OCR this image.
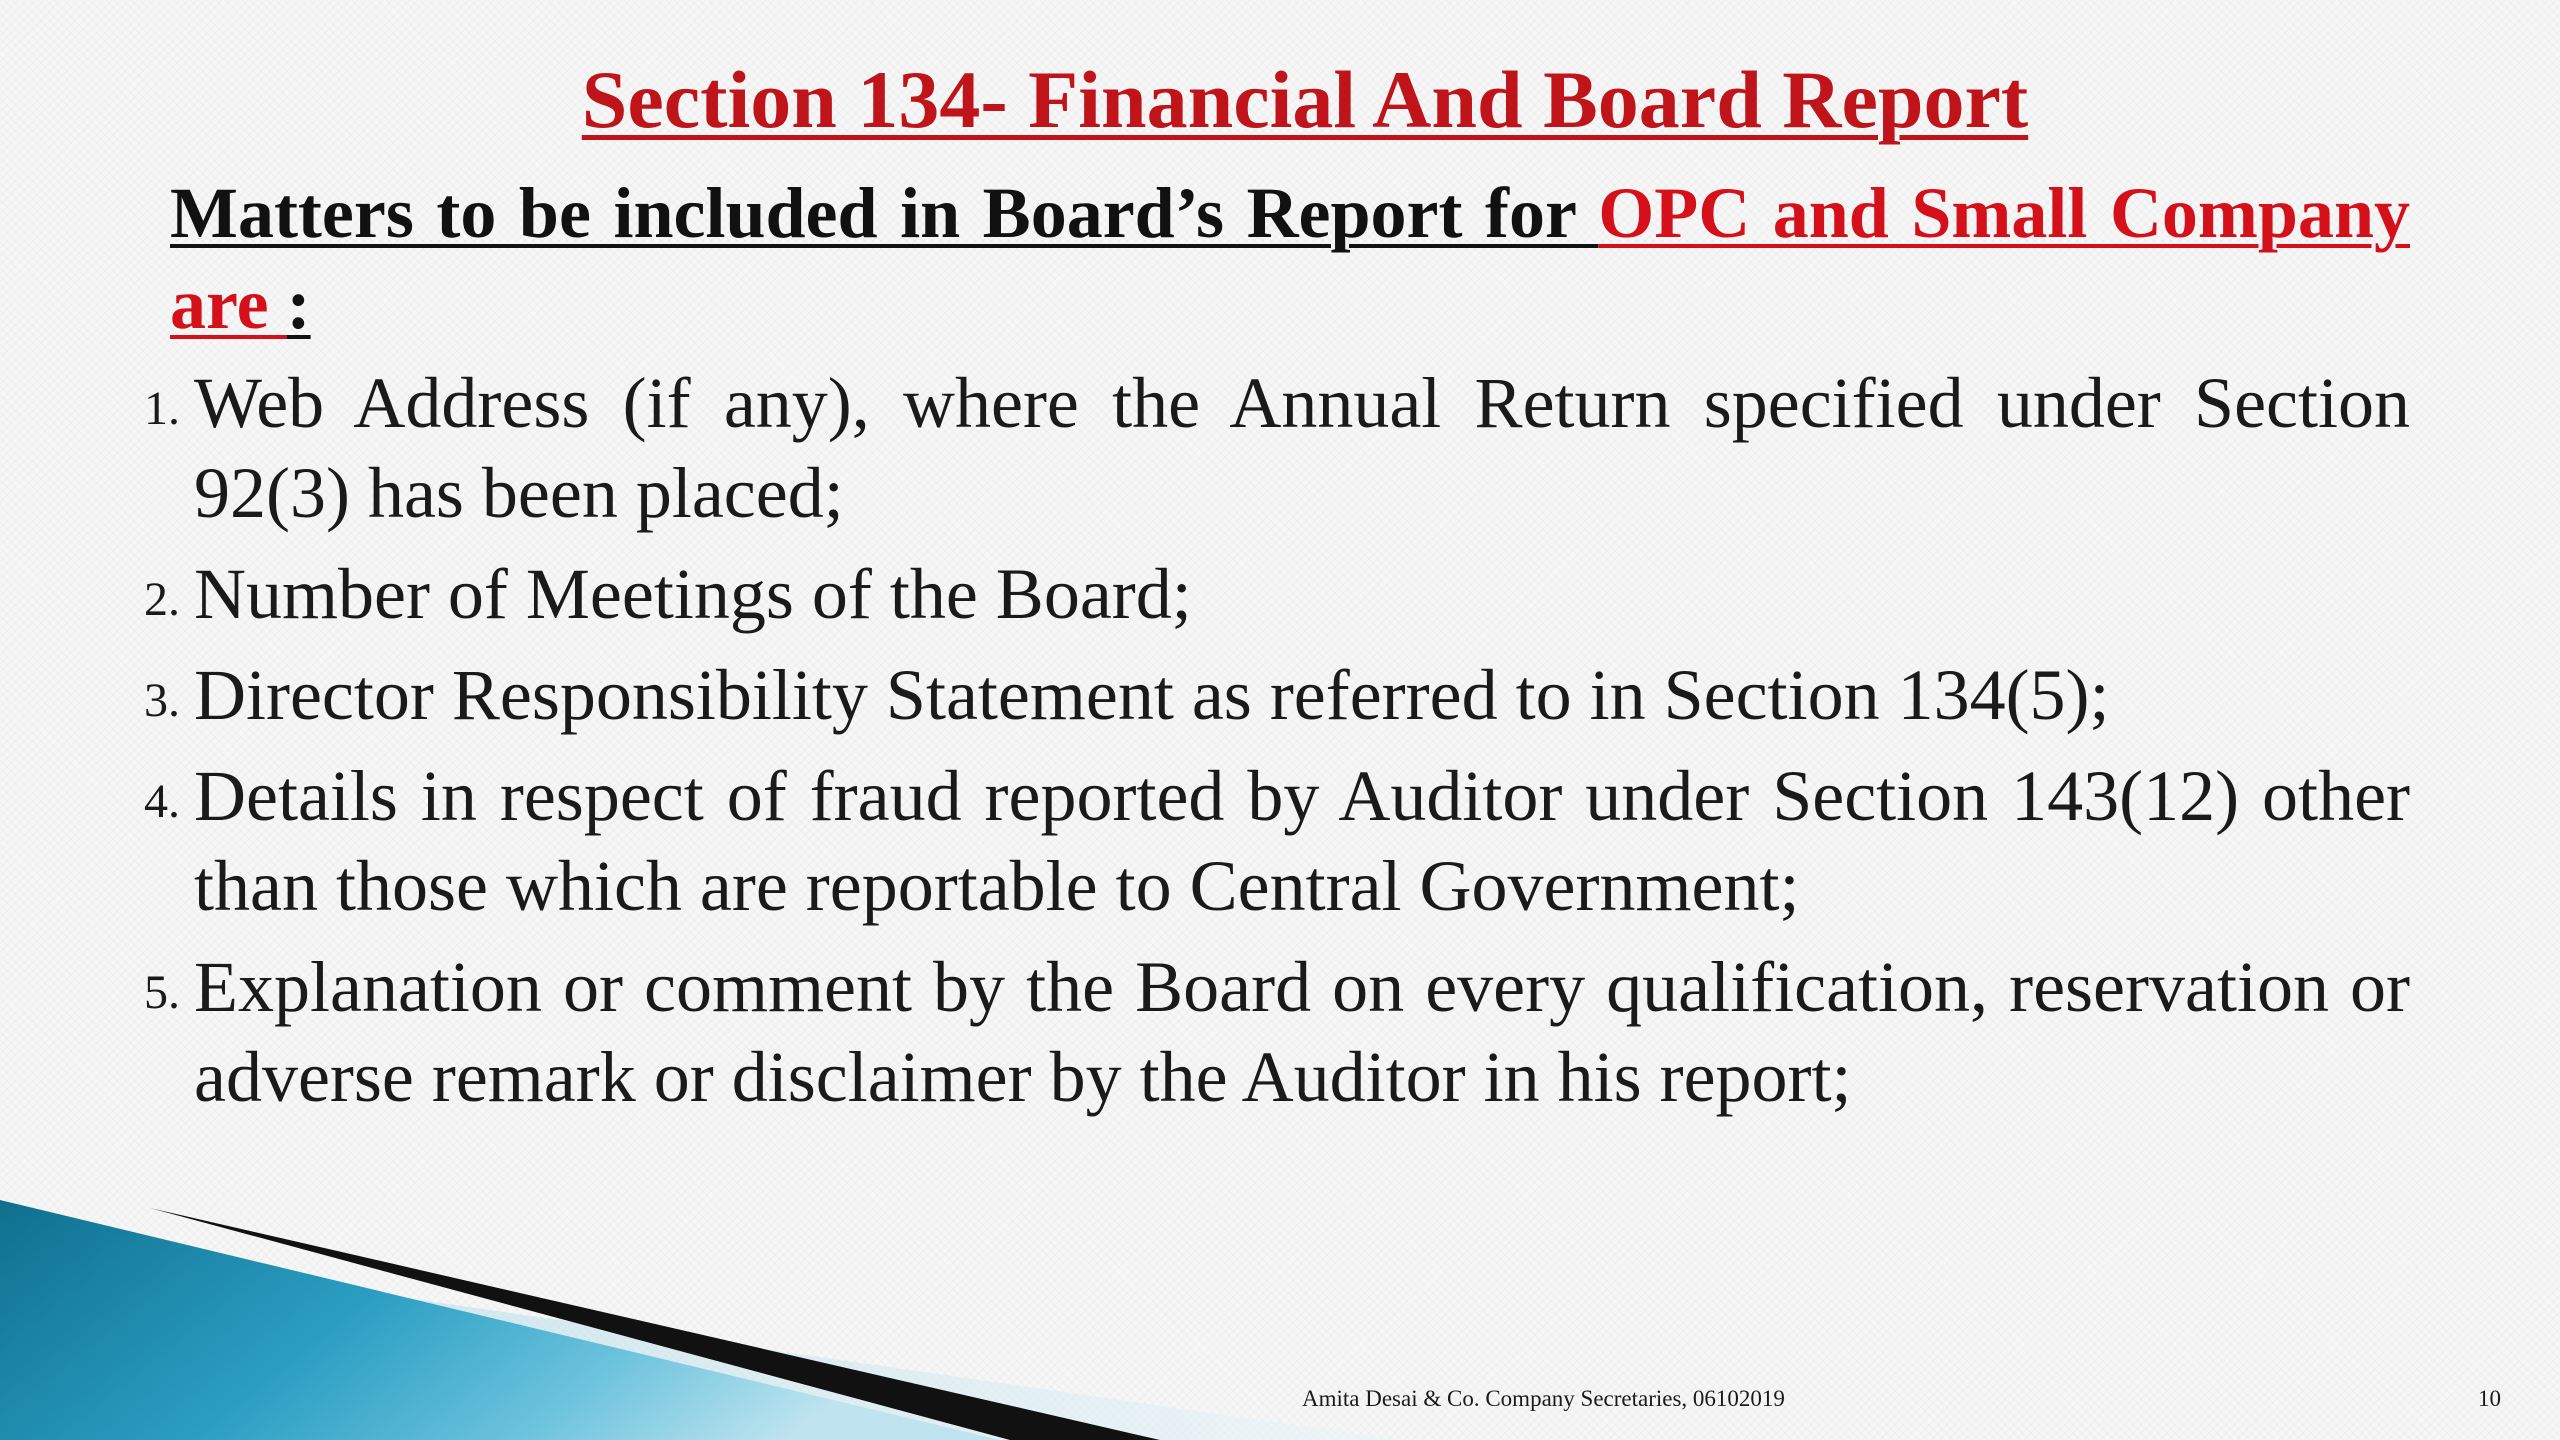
Section 134- Financial And Board Report

Matters to be included in Board’s Report for OPC and Small Company are :

1. Web Address (if any), where the Annual Return specified under Section 92(3) has been placed;
2. Number of Meetings of the Board;
3. Director Responsibility Statement as referred to in Section 134(5);
4. Details in respect of fraud reported by Auditor under Section 143(12) other than those which are reportable to Central Government;
5. Explanation or comment by the Board on every qualification, reservation or adverse remark or disclaimer by the Auditor in his report;
Amita Desai & Co. Company Secretaries, 06102019	10
